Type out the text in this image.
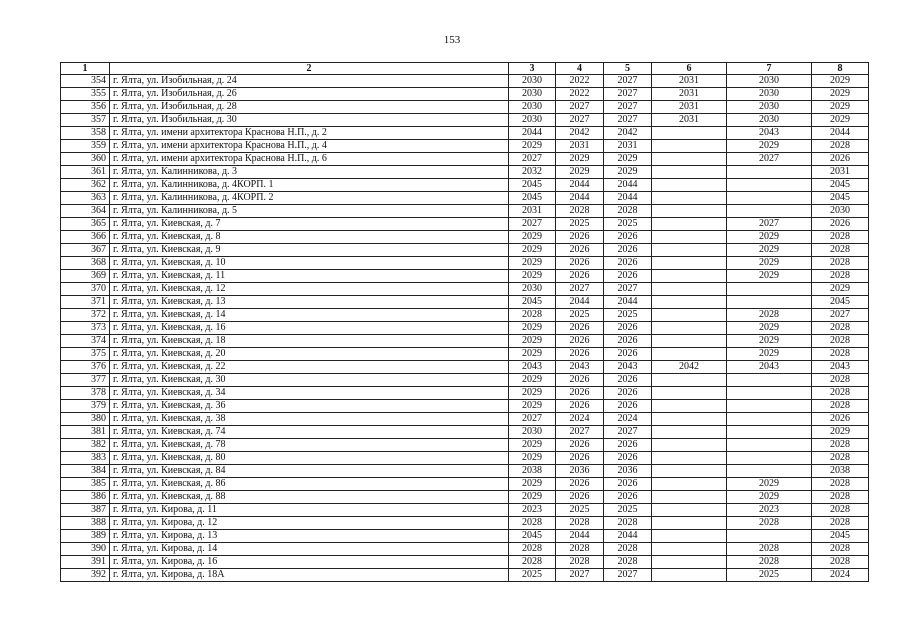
153
1	2	3	4	5	6	7	8
354	г. Ялта, ул. Изобильная, д. 24	2030	2022	2027	2031	2030	2029
355	г. Ялта, ул. Изобильная, д. 26	2030	2022	2027	2031	2030	2029
356	г. Ялта, ул. Изобильная, д. 28	2030	2027	2027	2031	2030	2029
357	г. Ялта, ул. Изобильная, д. 30	2030	2027	2027	2031	2030	2029
358	г. Ялта, ул. имени архитектора Краснова Н.П., д. 2	2044	2042	2042		2043	2044
359	г. Ялта, ул. имени архитектора Краснова Н.П., д. 4	2029	2031	2031		2029	2028
360	г. Ялта, ул. имени архитектора Краснова Н.П., д. 6	2027	2029	2029		2027	2026
361	г. Ялта, ул. Калинникова, д. 3	2032	2029	2029			2031
362	г. Ялта, ул. Калинникова, д. 4КОРП. 1	2045	2044	2044			2045
363	г. Ялта, ул. Калинникова, д. 4КОРП. 2	2045	2044	2044			2045
364	г. Ялта, ул. Калинникова, д. 5	2031	2028	2028			2030
365	г. Ялта, ул. Киевская, д. 7	2027	2025	2025		2027	2026
366	г. Ялта, ул. Киевская, д. 8	2029	2026	2026		2029	2028
367	г. Ялта, ул. Киевская, д. 9	2029	2026	2026		2029	2028
368	г. Ялта, ул. Киевская, д. 10	2029	2026	2026		2029	2028
369	г. Ялта, ул. Киевская, д. 11	2029	2026	2026		2029	2028
370	г. Ялта, ул. Киевская, д. 12	2030	2027	2027			2029
371	г. Ялта, ул. Киевская, д. 13	2045	2044	2044			2045
372	г. Ялта, ул. Киевская, д. 14	2028	2025	2025		2028	2027
373	г. Ялта, ул. Киевская, д. 16	2029	2026	2026		2029	2028
374	г. Ялта, ул. Киевская, д. 18	2029	2026	2026		2029	2028
375	г. Ялта, ул. Киевская, д. 20	2029	2026	2026		2029	2028
376	г. Ялта, ул. Киевская, д. 22	2043	2043	2043	2042	2043	2043
377	г. Ялта, ул. Киевская, д. 30	2029	2026	2026			2028
378	г. Ялта, ул. Киевская, д. 34	2029	2026	2026			2028
379	г. Ялта, ул. Киевская, д. 36	2029	2026	2026			2028
380	г. Ялта, ул. Киевская, д. 38	2027	2024	2024			2026
381	г. Ялта, ул. Киевская, д. 74	2030	2027	2027			2029
382	г. Ялта, ул. Киевская, д. 78	2029	2026	2026			2028
383	г. Ялта, ул. Киевская, д. 80	2029	2026	2026			2028
384	г. Ялта, ул. Киевская, д. 84	2038	2036	2036			2038
385	г. Ялта, ул. Киевская, д. 86	2029	2026	2026		2029	2028
386	г. Ялта, ул. Киевская, д. 88	2029	2026	2026		2029	2028
387	г. Ялта, ул. Кирова, д. 11	2023	2025	2025		2023	2028
388	г. Ялта, ул. Кирова, д. 12	2028	2028	2028		2028	2028
389	г. Ялта, ул. Кирова, д. 13	2045	2044	2044			2045
390	г. Ялта, ул. Кирова, д. 14	2028	2028	2028		2028	2028
391	г. Ялта, ул. Кирова, д. 16	2028	2028	2028		2028	2028
392	г. Ялта, ул. Кирова, д. 18А	2025	2027	2027		2025	2024
